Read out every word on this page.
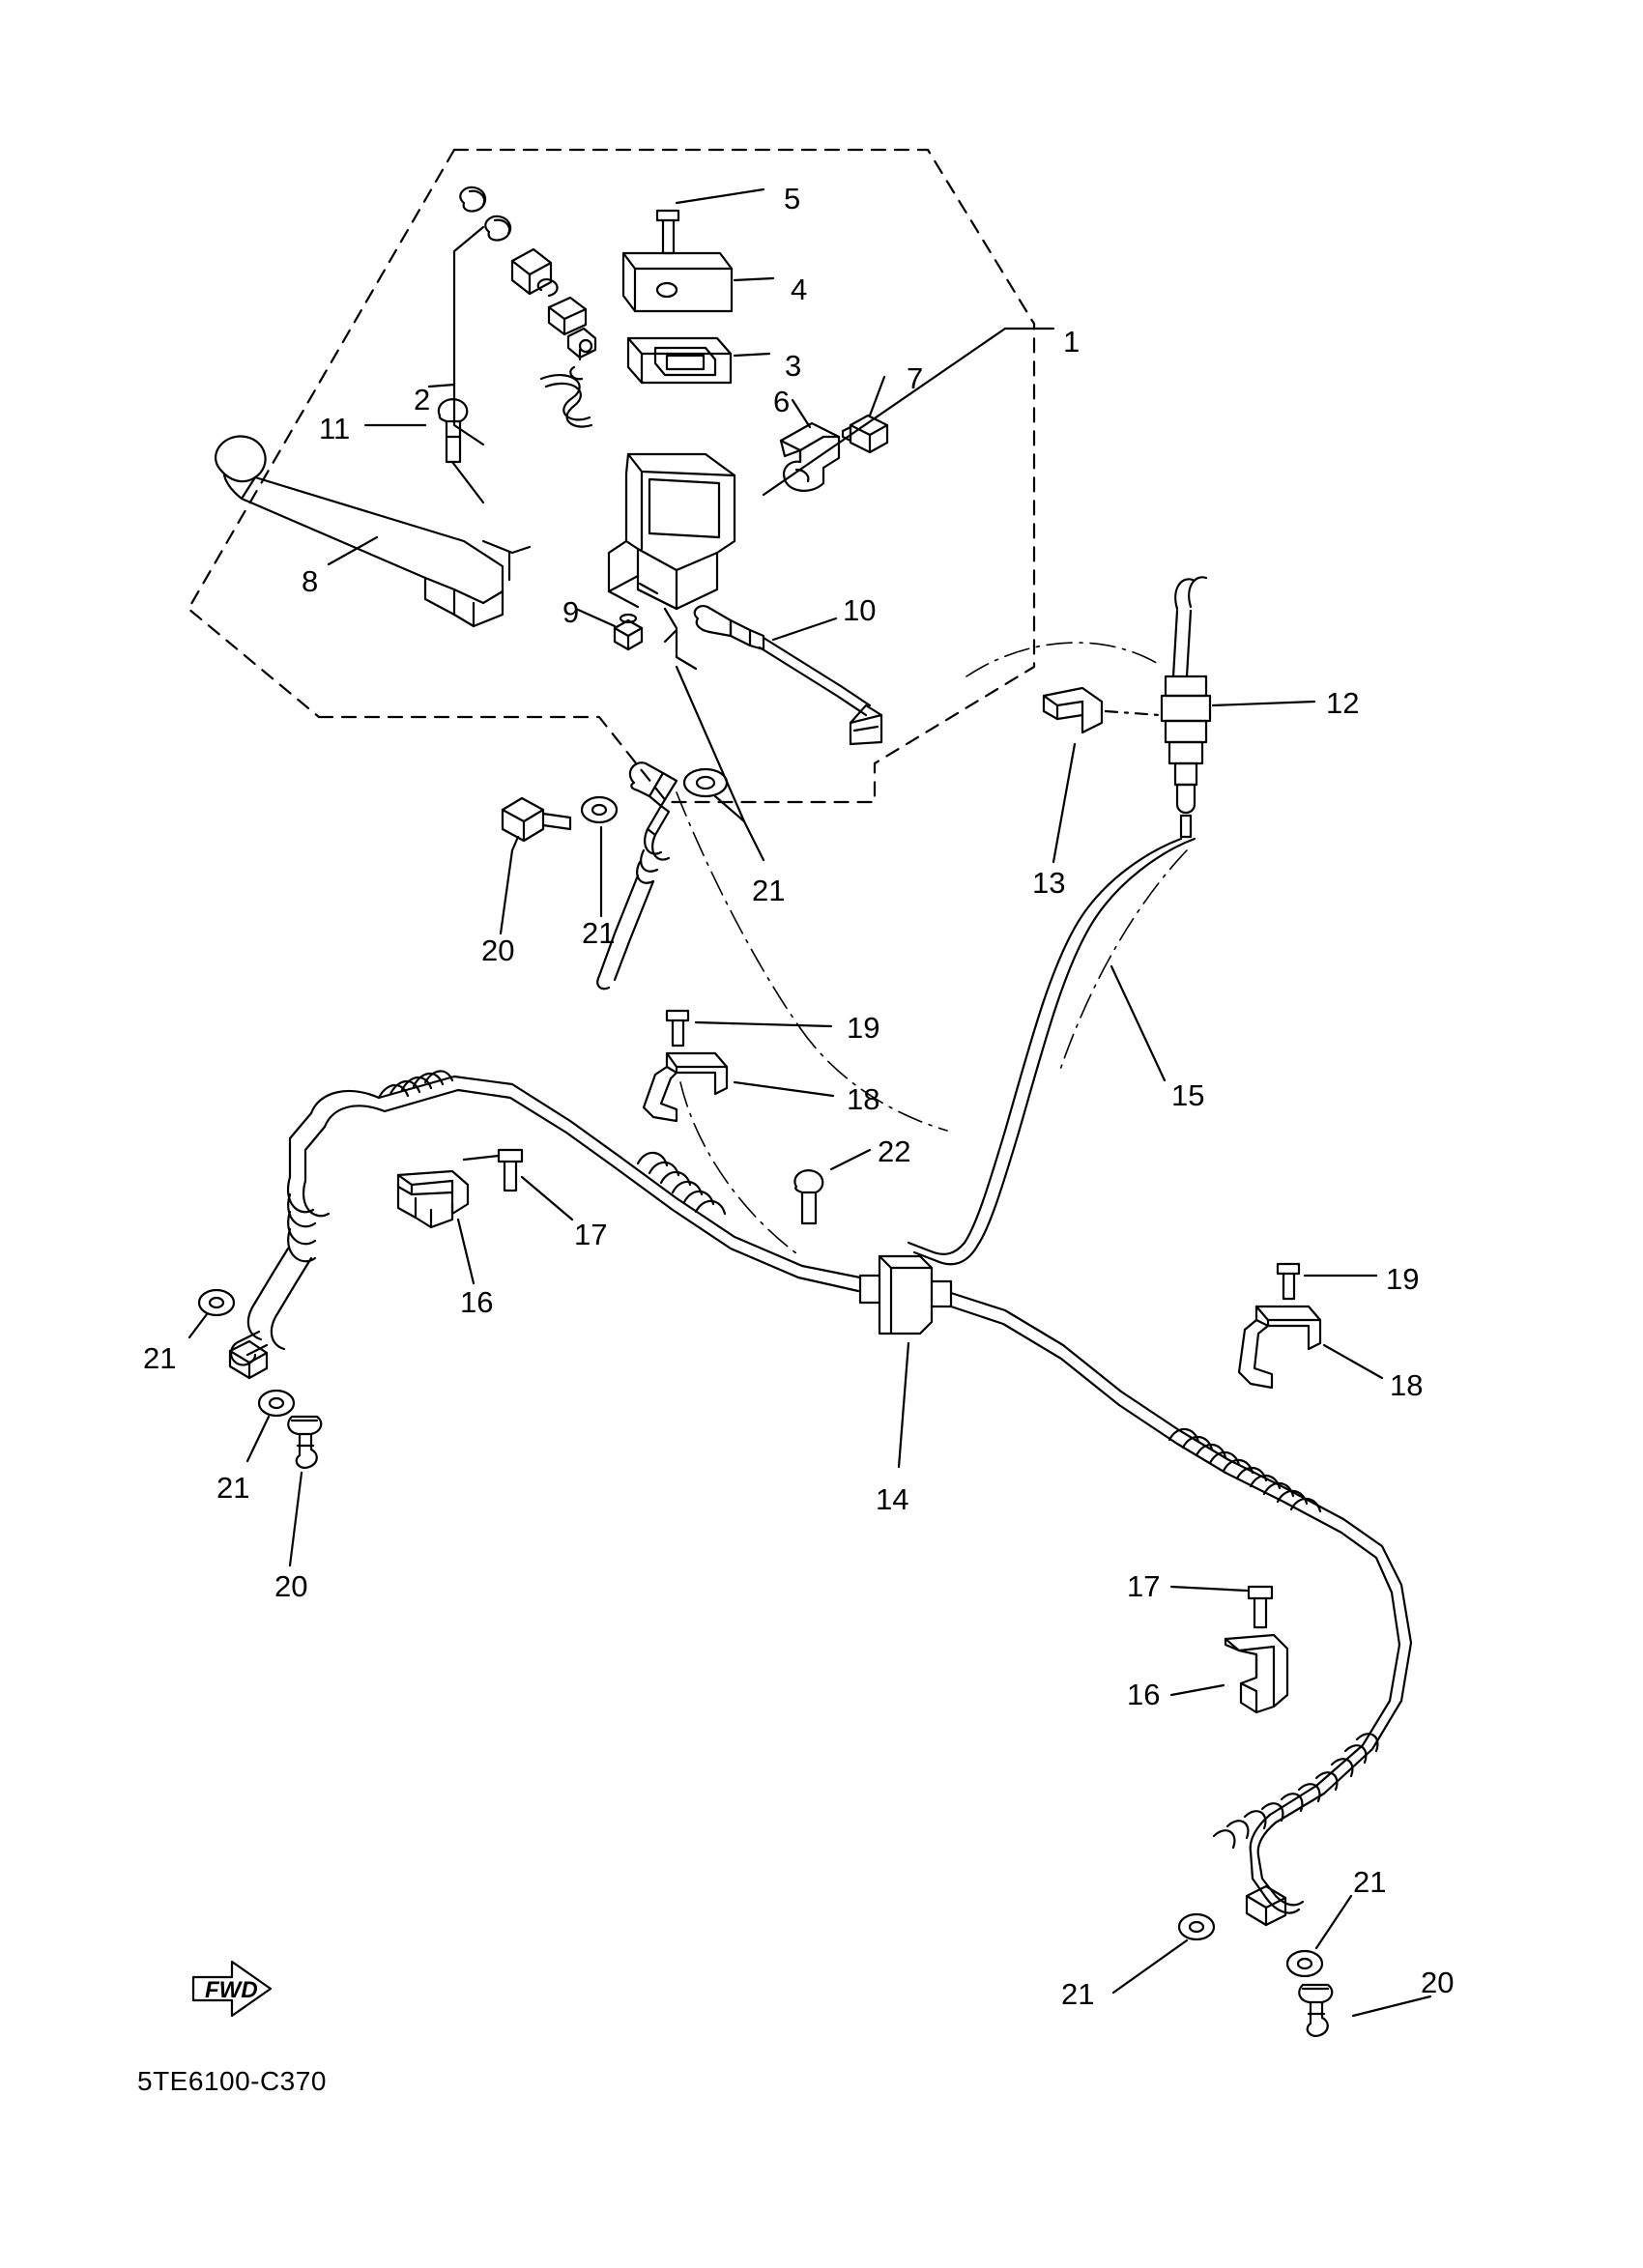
5
4
1
3
2
7
6
11
8
9	10
12
13
21
20
21
19
18	15
22
17
19
16
18
21
21	14
20	17
16
21
21	20
FWD
5TE6100-C370
